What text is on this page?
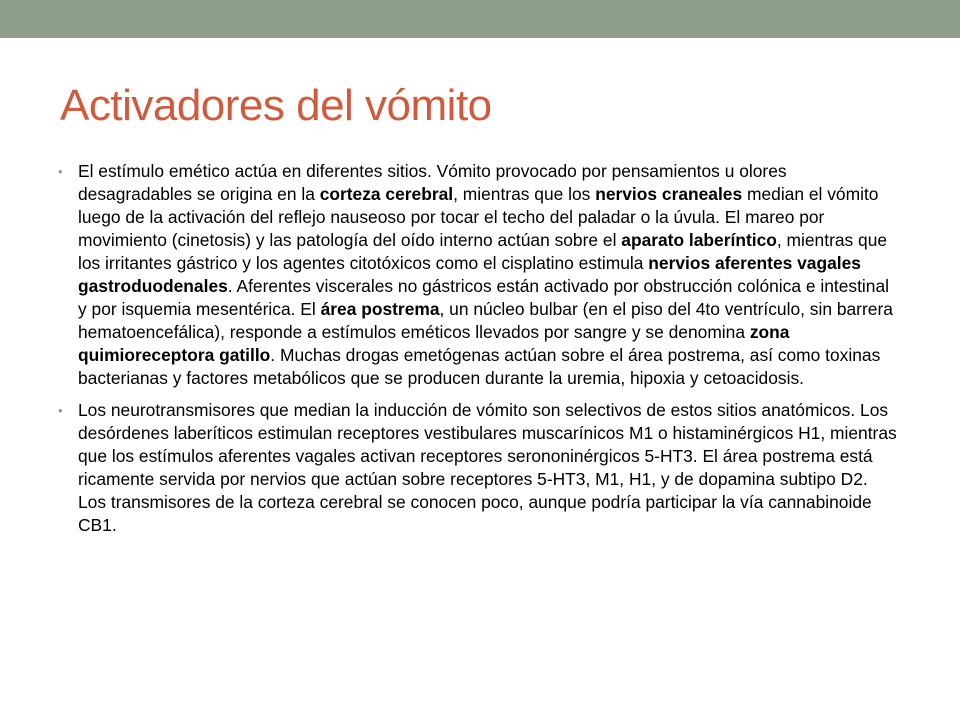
Activadores del vómito
• El estímulo emético actúa en diferentes sitios. Vómito provocado por pensamientos u olores desagradables se origina en la corteza cerebral, mientras que los nervios craneales median el vómito luego de la activación del reflejo nauseoso por tocar el techo del paladar o la úvula. El mareo por movimiento (cinetosis) y las patología del oído interno actúan sobre el aparato laberíntico, mientras que los irritantes gástrico y los agentes citotóxicos como el cisplatino estimula nervios aferentes vagales gastroduodenales. Aferentes viscerales no gástricos están activado por obstrucción colónica e intestinal y por isquemia mesentérica. El área postrema, un núcleo bulbar (en el piso del 4to ventrículo, sin barrera hematoencefálica), responde a estímulos eméticos llevados por sangre y se denomina zona quimioreceptora gatillo. Muchas drogas emetógenas actúan sobre el área postrema, así como toxinas bacterianas y factores metabólicos que se producen durante la uremia, hipoxia y cetoacidosis.
• Los neurotransmisores que median la inducción de vómito son selectivos de estos sitios anatómicos. Los desórdenes laberíticos estimulan receptores vestibulares muscarínicos M1 o histaminérgicos H1, mientras que los estímulos aferentes vagales activan receptores serononinérgicos 5-HT3. El área postrema está ricamente servida por nervios que actúan sobre receptores 5-HT3, M1, H1, y de dopamina subtipo D2. Los transmisores de la corteza cerebral se conocen poco, aunque podría participar la vía cannabinoide CB1.
